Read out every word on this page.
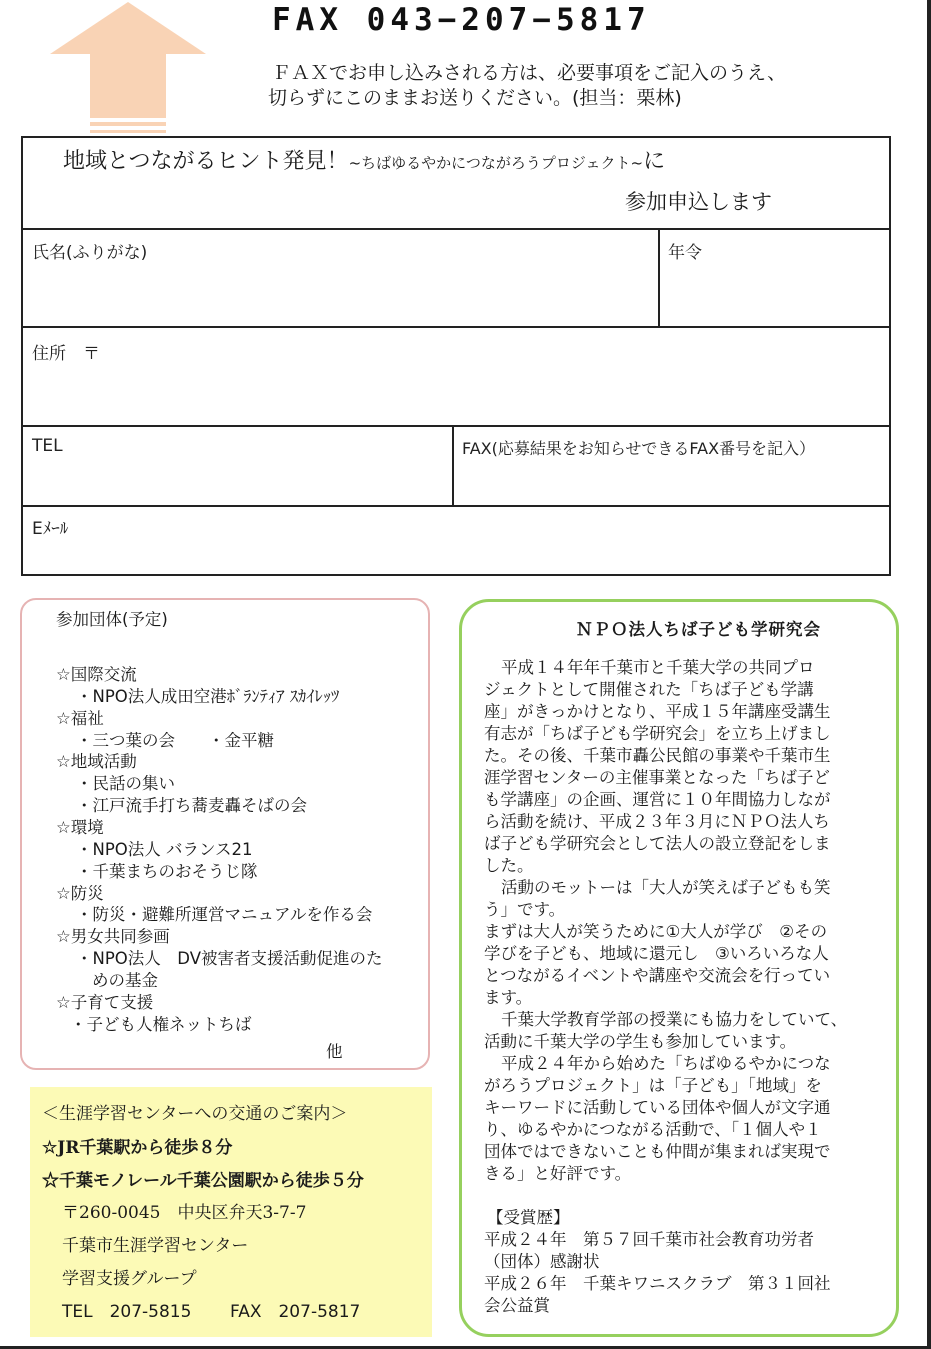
FAX 043−207−5817
ＦＡＸでお申し込みされる方は、必要事項をご記入のうえ、
切らずにこのままお送りください。(担当：栗林)
地域とつながるヒント発見！~ちばゆるやかにつながろうプロジェクト~に
参加申込します
氏名(ふりがな)	年令
住所　〒
TEL	FAX(応募結果をお知らせできるFAX番号を記入）
Eﾒｰﾙ
参加団体(予定)
☆国際交流
・NPO法人成田空港ﾎﾞﾗﾝﾃｨｱ ｽｶｲﾚｯﾂ
☆福祉
・三つ葉の会　　・金平糖
☆地域活動
・民話の集い
・江戸流手打ち蕎麦轟そばの会
☆環境
・NPO法人 バランス21
・千葉まちのおそうじ隊
☆防災
・防災・避難所運営マニュアルを作る会
☆男女共同参画
・NPO法人　DV被害者支援活動促進のた
めの基金
☆子育て支援
・子ども人権ネットちば
他
ＮＰＯ法人ちば子ども学研究会
平成１４年年千葉市と千葉大学の共同プロ
ジェクトとして開催された「ちば子ども学講
座」がきっかけとなり、平成１５年講座受講生
有志が「ちば子ども学研究会」を立ち上げまし
た。その後、千葉市轟公民館の事業や千葉市生
涯学習センターの主催事業となった「ちば子ど
も学講座」の企画、運営に１０年間協力しなが
ら活動を続け、平成２３年３月にＮＰＯ法人ち
ば子ども学研究会として法人の設立登記をしま
した。
活動のモットーは「大人が笑えば子どもも笑
う」です。
まずは大人が笑うために①大人が学び　②その
学びを子ども、地域に還元し　③いろいろな人
とつながるイベントや講座や交流会を行ってい
ます。
千葉大学教育学部の授業にも協力をしていて、
活動に千葉大学の学生も参加しています。
平成２４年から始めた「ちばゆるやかにつな
がろうプロジェクト」は「子ども」「地域」を
キーワードに活動している団体や個人が文字通
り、ゆるやかにつながる活動で、「１個人や１
団体ではできないことも仲間が集まれば実現で
きる」と好評です。
【受賞歴】
平成２４年　第５７回千葉市社会教育功労者
（団体）感謝状
平成２６年　千葉キワニスクラブ　第３１回社
会公益賞
＜生涯学習センターへの交通のご案内＞
☆JR千葉駅から徒歩８分
☆千葉モノレール千葉公園駅から徒歩５分
〒260-0045　中央区弁天3-7-7
千葉市生涯学習センター
学習支援グループ
TEL　207-5815 FAX　207-5817
